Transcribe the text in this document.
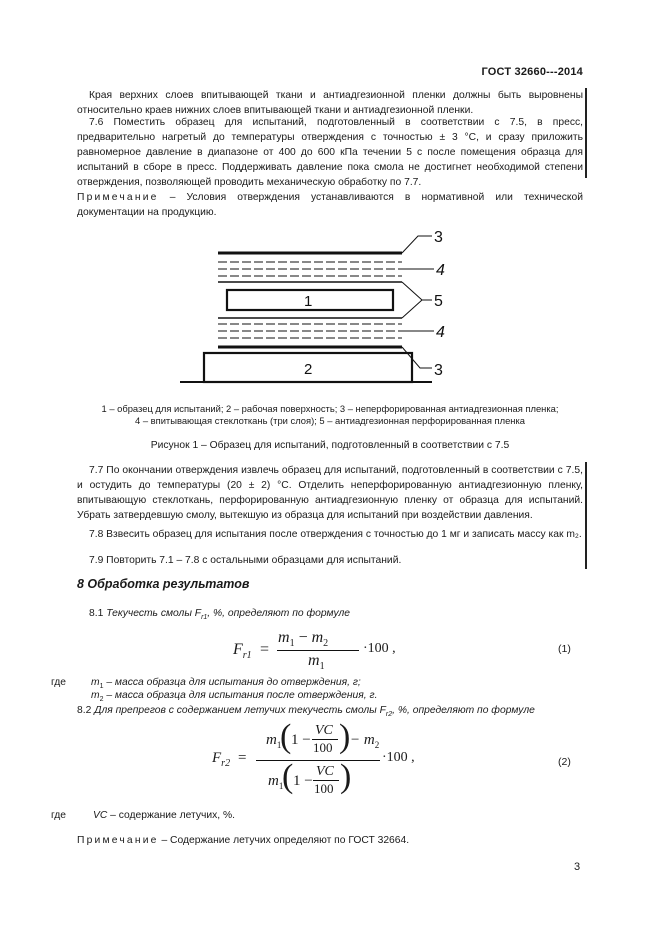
ГОСТ 32660---2014
Края верхних слоев впитывающей ткани и антиадгезионной пленки должны быть выровнены относительно краев нижних слоев впитывающей ткани и антиадгезионной пленки.
7.6 Поместить образец для испытаний, подготовленный в соответствии с 7.5, в пресс, предварительно нагретый до температуры отверждения с точностью ± 3 °С, и сразу приложить равномерное давление в диапазоне от 400 до 600 кПа течении 5 с после помещения образца для испытаний в сборе в пресс. Поддерживать давление пока смола не достигнет необходимой степени отверждения, позволяющей проводить механическую обработку по 7.7.
Примечание – Условия отверждения устанавливаются в нормативной или технической документации на продукцию.
1
2
3
4
5
4
3
1 – образец для испытаний; 2 – рабочая поверхность; 3 – неперфорированная антиадгезионная пленка;
4 – впитывающая стеклоткань (три слоя); 5 – антиадгезионная перфорированная пленка
Рисунок 1 – Образец для испытаний, подготовленный в соответствии с 7.5
7.7 По окончании отверждения извлечь образец для испытаний, подготовленный в соответствии с 7.5, и остудить до температуры (20 ± 2) °С. Отделить неперфорированную антиадгезионную пленку, впитывающую стеклоткань, перфорированную антиадгезионную пленку от образца для испытаний. Убрать затвердевшую смолу, вытекшую из образца для испытаний при воздействии давления.
7.8 Взвесить образец для испытания после отверждения с точностью до 1 мг и записать массу как m₂.
7.9 Повторить 7.1 – 7.8 с остальными образцами для испытаний.
8 Обработка результатов
8.1 Текучесть смолы $F_{r1}$, %, определяют по формуле
$F_{r1}$ =
$m_1 - m_2$
$m_1$
·100 ,	(1)
где $m_1$ – масса образца для испытания до отверждения, г;
$m_2$ – масса образца для испытания после отверждения, г.
8.2 Для препрегов с содержанием летучих текучесть смолы $F_{r2}$, %, определяют по формуле
$F_{r2}$ =
$m_1$
( 1 −
VC
100 ) − $m_2$
$m_1$
( 1 −
VC
100 )
·100 ,	(2)
где	VC – содержание летучих, %.
Примечание – Содержание летучих определяют по ГОСТ 32664.
3
